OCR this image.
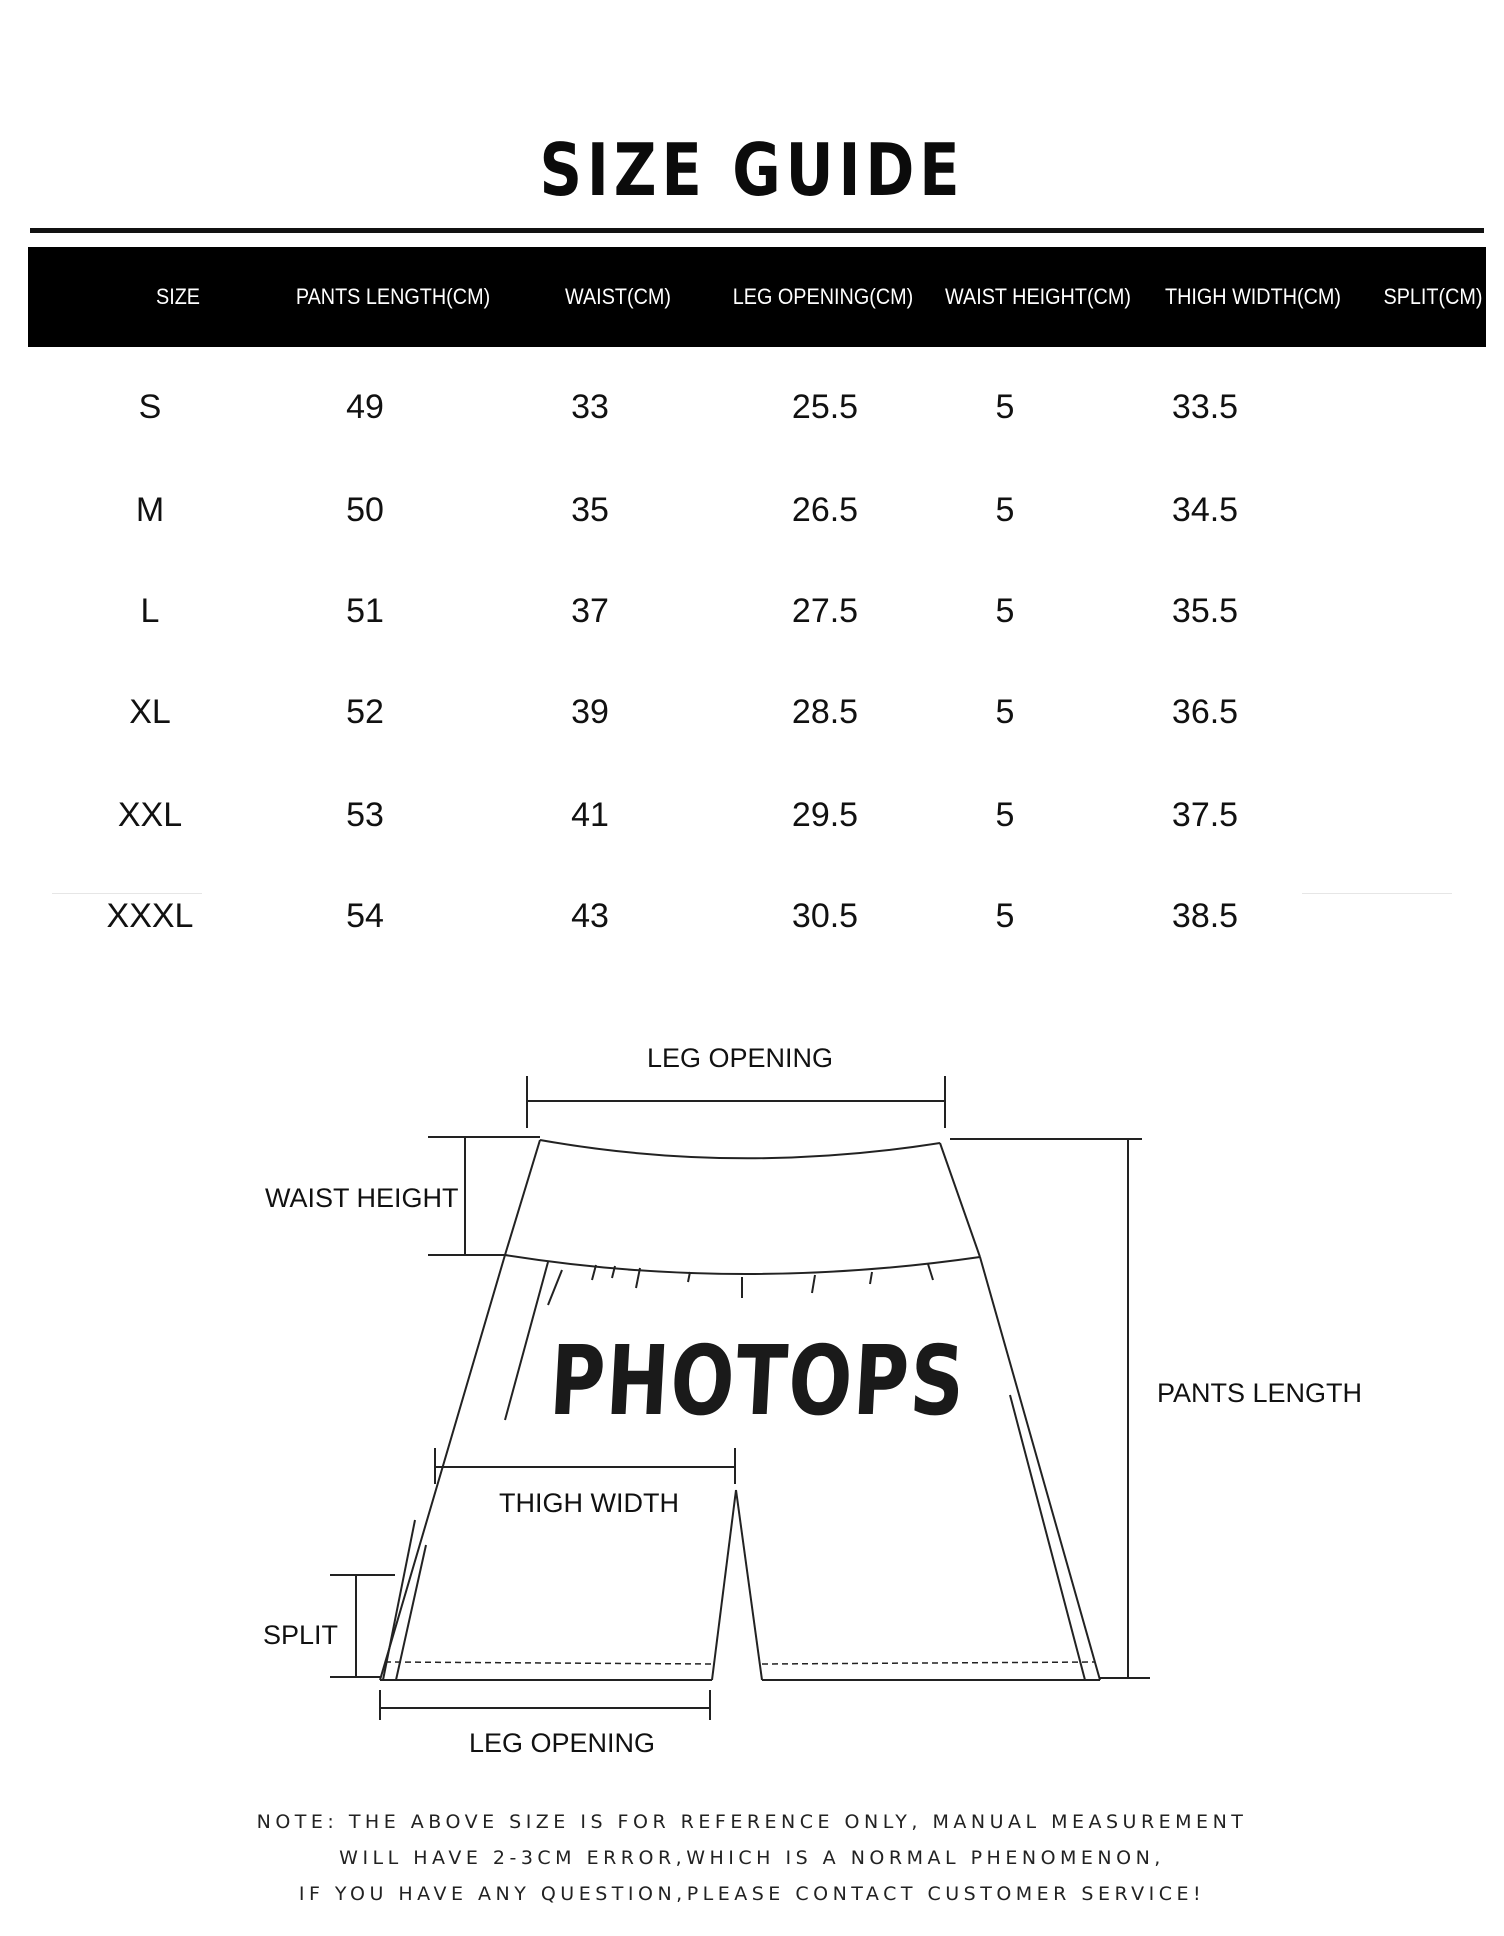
SIZE GUIDE
SIZE	PANTS LENGTH(CM)	WAIST(CM)	LEG OPENING(CM)	WAIST HEIGHT(CM)	THIGH WIDTH(CM)	SPLIT(CM)
S	49	33	25.5	5	33.5
M	50	35	26.5	5	34.5
L	51	37	27.5	5	35.5
XL	52	39	28.5	5	36.5
XXL	53	41	29.5	5	37.5
XXXL	54	43	30.5	5	38.5
PHOTOPS
LEG OPENING
WAIST HEIGHT
PANTS LENGTH
THIGH WIDTH
SPLIT
LEG OPENING
NOTE: THE ABOVE SIZE IS FOR REFERENCE ONLY, MANUAL MEASUREMENT
WILL HAVE 2-3CM ERROR,WHICH IS A NORMAL PHENOMENON,
IF YOU HAVE ANY QUESTION,PLEASE CONTACT CUSTOMER SERVICE!
